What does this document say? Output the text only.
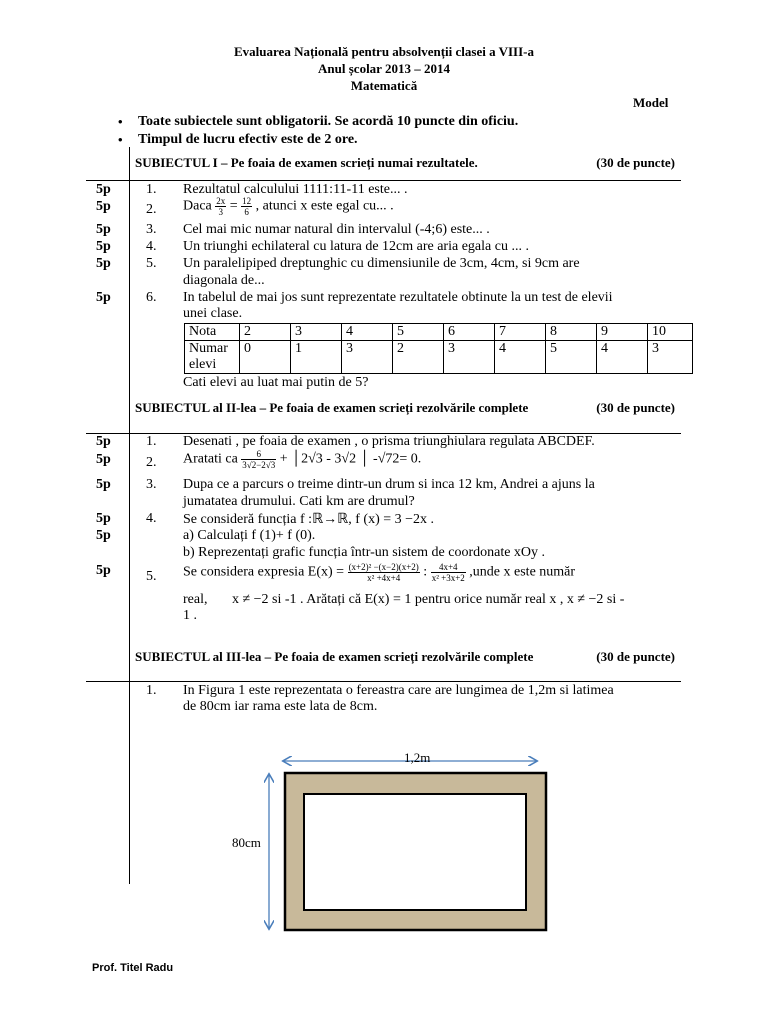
Evaluarea Națională pentru absolvenții clasei a VIII-a
Anul școlar 2013 – 2014
Matematică
Model
• Toate subiectele sunt obligatorii. Se acordă 10 puncte din oficiu.
• Timpul de lucru efectiv este de 2 ore.
SUBIECTUL I – Pe foaia de examen scrieți numai rezultatele.	(30 de puncte)
5p	1. Rezultatul calculului 1111:11-11 este... .
5p	2. Daca $\frac{2x}{3} = \frac{12}{6}$ , atunci x este egal cu... .
5p	3. Cel mai mic numar natural din intervalul (-4;6) este... .
5p	4. Un triunghi echilateral cu latura de 12cm are aria egala cu ... .
5p	5. Un paralelipiped dreptunghic cu dimensiunile de 3cm, 4cm, si 9cm are
diagonala de...
5p	6. In tabelul de mai jos sunt reprezentate rezultatele obtinute la un test de elevii
unei clase.
Nota	2	3	4	5	6	7	8	9	10
Numar
elevi	0	1	3	2	3	4	5	4	3
Cati elevi au luat mai putin de 5?
SUBIECTUL al II-lea – Pe foaia de examen scrieți rezolvările complete	(30 de puncte)
5p	1. Desenati , pe foaia de examen , o prisma triunghiulara regulata ABCDEF.
5p	2. Aratati ca $\frac{6}{3√2-2√3}$ + │2√3 - 3√2 │ -√72= 0.
5p	3. Dupa ce a parcurs o treime dintr-un drum si inca 12 km, Andrei a ajuns la
jumatatea drumului. Cati km are drumul?
5p	4. Se consideră funcția f :ℝ→ℝ, f (x) = 3 −2x .
5p	a) Calculați f (1)+ f (0).
b) Reprezentați grafic funcția într-un sistem de coordonate xOy .
5p	5. Se considera expresia $E(x) = \frac{\text{(x+2)² −(x−2)(x+2)}}{\text{x² +4x+4}}$ : $\frac{4x+4}{\text{x² +3x+2}}$ ,unde x este număr
real,       x ≠ −2 si -1 . Arătați că E(x) = 1 pentru orice număr real x , x ≠ −2 si -
1 .
SUBIECTUL al III-lea – Pe foaia de examen scrieți rezolvările complete	(30 de puncte)
1. In Figura 1 este reprezentata o fereastra care are lungimea de 1,2m si latimea
de 80cm iar rama este lata de 8cm.
1,2m
80cm
Prof. Titel Radu
